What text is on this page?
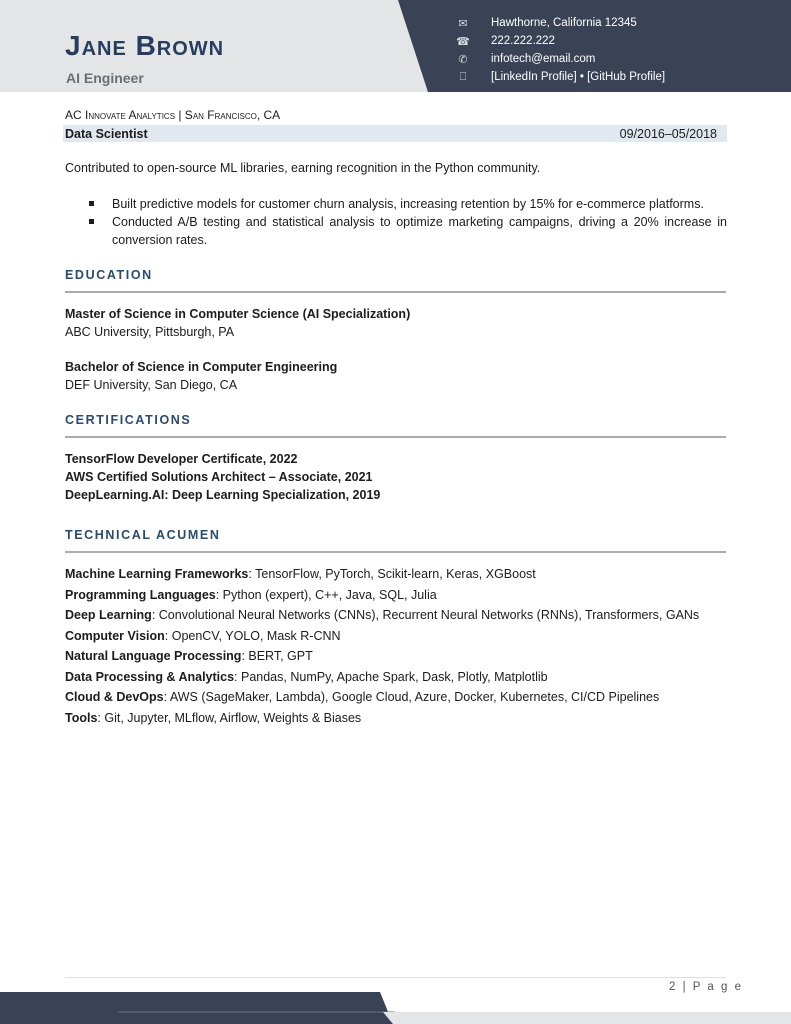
Jane Brown
AI Engineer
✉	Hawthorne, California 12345
☎ 222.222.222
✆	infotech@email.com
⎕	[LinkedIn Profile] • [GitHub Profile]
AC Innovate Analytics | San Francisco, CA
Data Scientist	09/2016–05/2018
Contributed to open-source ML libraries, earning recognition in the Python community.
Built predictive models for customer churn analysis, increasing retention by 15% for e-commerce platforms.
Conducted A/B testing and statistical analysis to optimize marketing campaigns, driving a 20% increase in conversion rates.
EDUCATION
Master of Science in Computer Science (AI Specialization)
ABC University, Pittsburgh, PA
Bachelor of Science in Computer Engineering
DEF University, San Diego, CA
CERTIFICATIONS
TensorFlow Developer Certificate, 2022
AWS Certified Solutions Architect – Associate, 2021
DeepLearning.AI: Deep Learning Specialization, 2019
TECHNICAL ACUMEN
Machine Learning Frameworks: TensorFlow, PyTorch, Scikit-learn, Keras, XGBoost
Programming Languages: Python (expert), C++, Java, SQL, Julia
Deep Learning: Convolutional Neural Networks (CNNs), Recurrent Neural Networks (RNNs), Transformers, GANs
Computer Vision: OpenCV, YOLO, Mask R-CNN
Natural Language Processing: BERT, GPT
Data Processing & Analytics: Pandas, NumPy, Apache Spark, Dask, Plotly, Matplotlib
Cloud & DevOps: AWS (SageMaker, Lambda), Google Cloud, Azure, Docker, Kubernetes, CI/CD Pipelines
Tools: Git, Jupyter, MLflow, Airflow, Weights & Biases
2 | P a g e
